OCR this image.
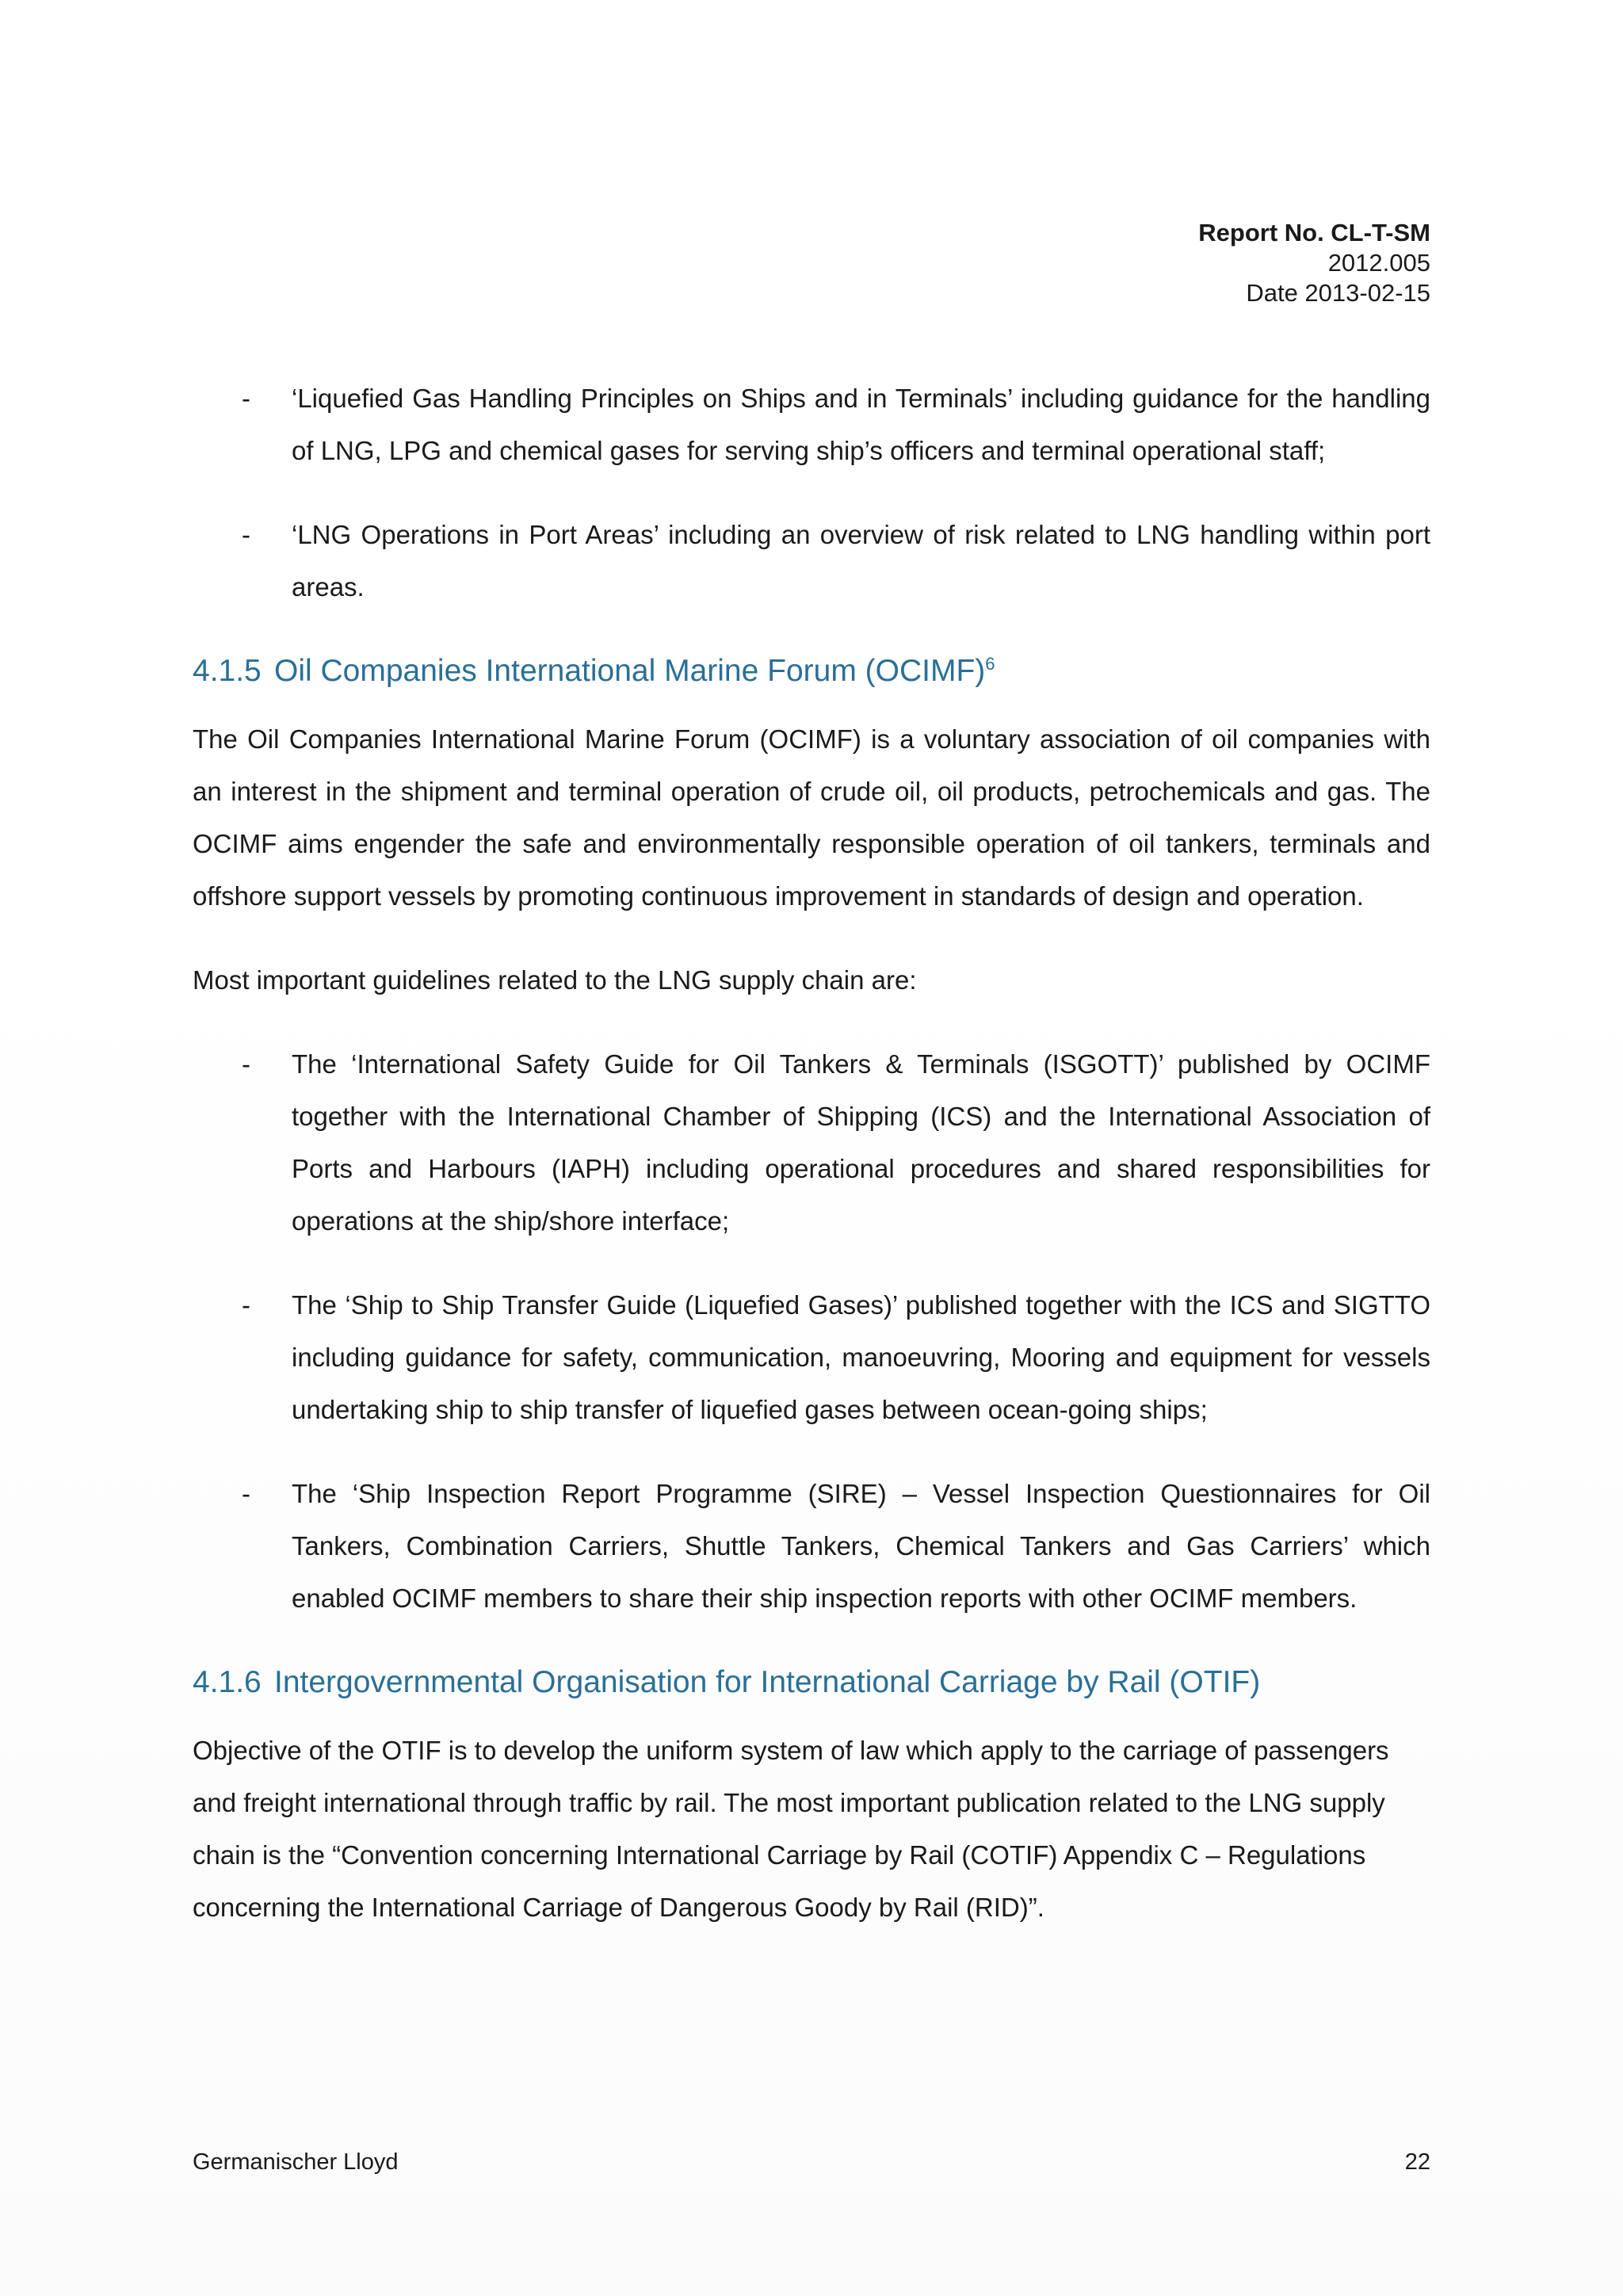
Report No. CL-T-SM
2012.005
Date 2013-02-15
- ‘Liquefied Gas Handling Principles on Ships and in Terminals’ including guidance for the handling of LNG, LPG and chemical gases for serving ship’s officers and terminal operational staff;
- ‘LNG Operations in Port Areas’ including an overview of risk related to LNG handling within port areas.
4.1.5 Oil Companies International Marine Forum (OCIMF)$^6$

The Oil Companies International Marine Forum (OCIMF) is a voluntary association of oil companies with an interest in the shipment and terminal operation of crude oil, oil products, petrochemicals and gas. The OCIMF aims engender the safe and environmentally responsible operation of oil tankers, terminals and offshore support vessels by promoting continuous improvement in standards of design and operation.

Most important guidelines related to the LNG supply chain are:

- The ‘International Safety Guide for Oil Tankers & Terminals (ISGOTT)’ published by OCIMF together with the International Chamber of Shipping (ICS) and the International Association of Ports and Harbours (IAPH) including operational procedures and shared responsibilities for operations at the ship/shore interface;
- The ‘Ship to Ship Transfer Guide (Liquefied Gases)’ published together with the ICS and SIGTTO including guidance for safety, communication, manoeuvring, Mooring and equipment for vessels undertaking ship to ship transfer of liquefied gases between ocean-going ships;
- The ‘Ship Inspection Report Programme (SIRE) – Vessel Inspection Questionnaires for Oil Tankers, Combination Carriers, Shuttle Tankers, Chemical Tankers and Gas Carriers’ which enabled OCIMF members to share their ship inspection reports with other OCIMF members.
4.1.6 Intergovernmental Organisation for International Carriage by Rail (OTIF)

Objective of the OTIF is to develop the uniform system of law which apply to the carriage of passengers and freight international through traffic by rail. The most important publication related to the LNG supply chain is the “Convention concerning International Carriage by Rail (COTIF) Appendix C – Regulations concerning the International Carriage of Dangerous Goody by Rail (RID)”.

Germanischer Lloyd	22
